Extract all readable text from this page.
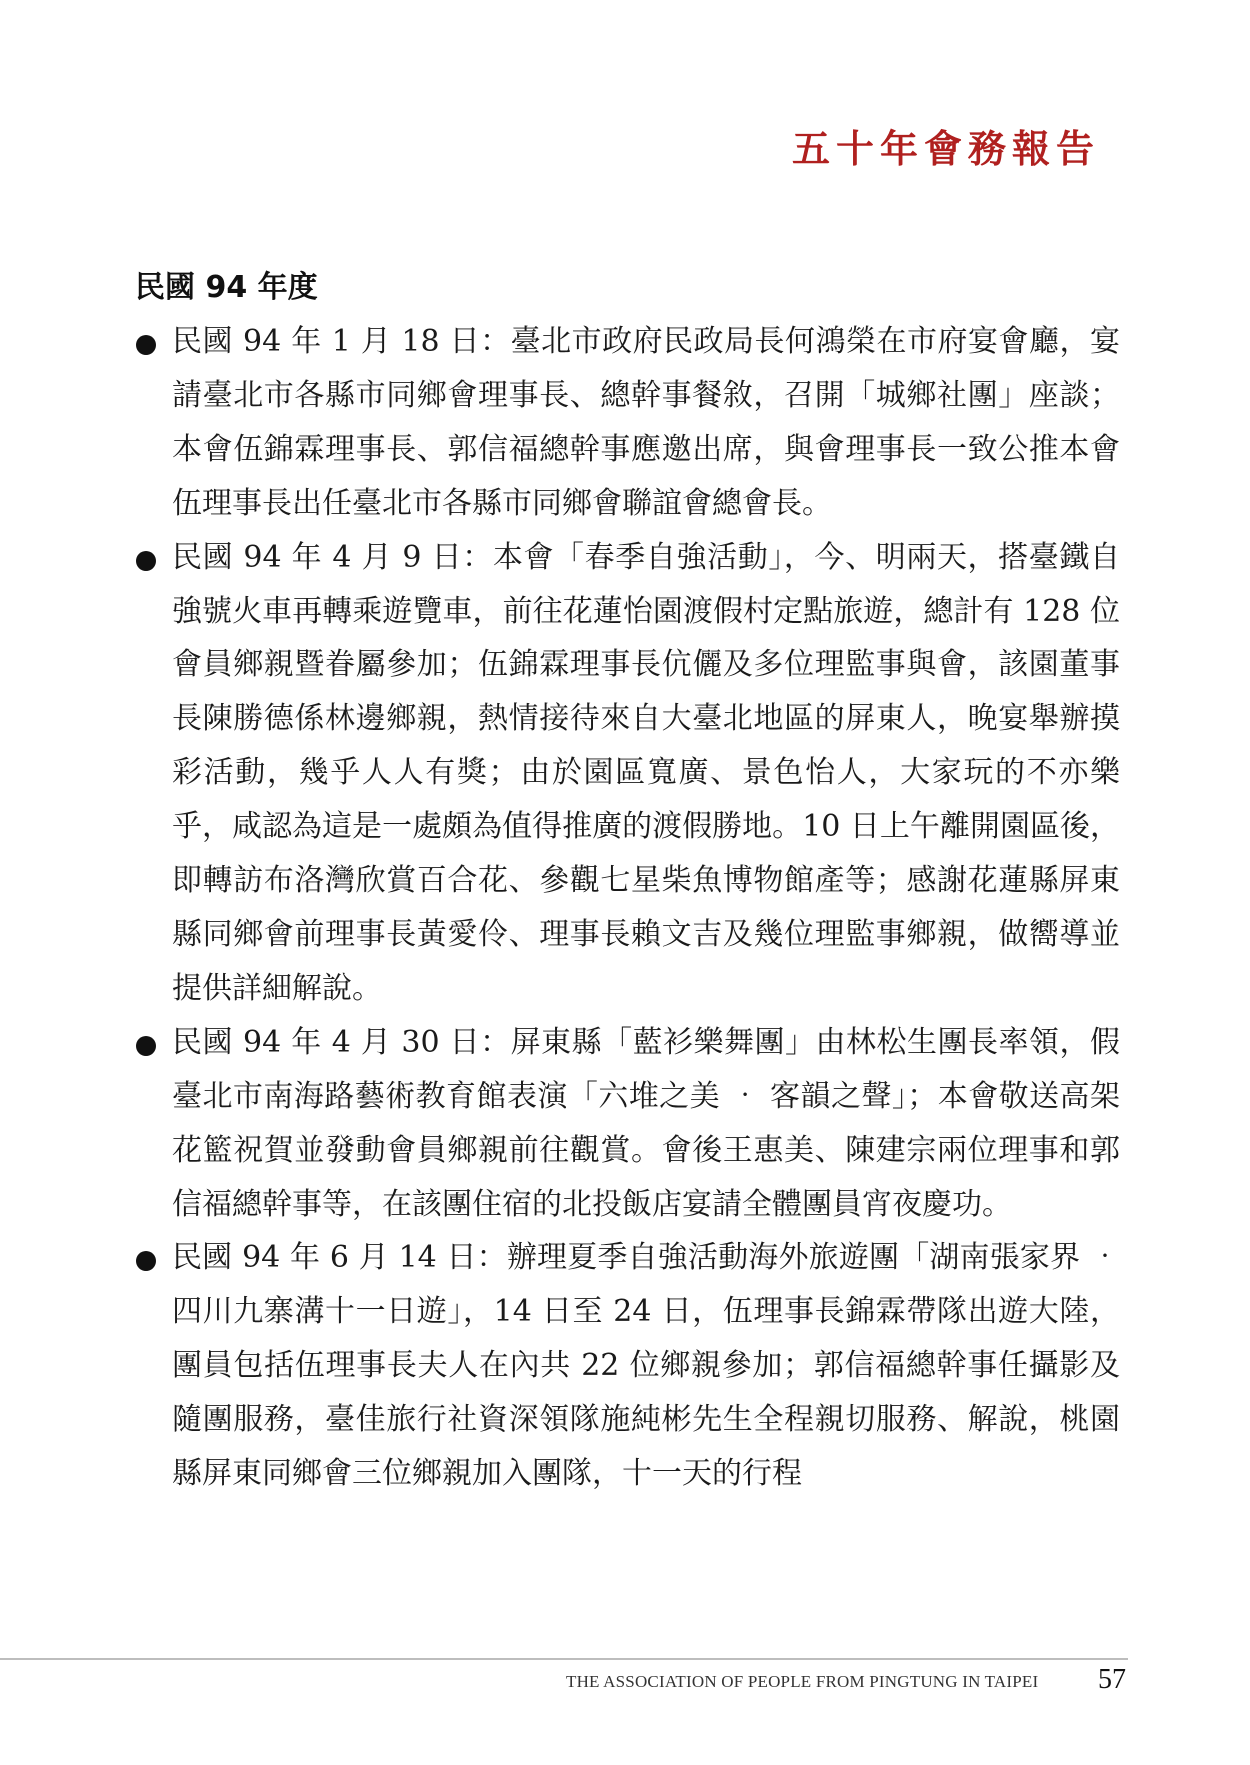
五十年會務報告
民國 94 年度
民國 94 年 1 月 18 日：臺北市政府民政局長何鴻榮在市府宴會廳，宴請臺北市各縣市同鄉會理事長、總幹事餐敘，召開「城鄉社團」座談；本會伍錦霖理事長、郭信福總幹事應邀出席，與會理事長一致公推本會伍理事長出任臺北市各縣市同鄉會聯誼會總會長。
民國 94 年 4 月 9 日：本會「春季自強活動」，今、明兩天，搭臺鐵自強號火車再轉乘遊覽車，前往花蓮怡園渡假村定點旅遊，總計有 128 位會員鄉親暨眷屬參加；伍錦霖理事長伉儷及多位理監事與會，該園董事長陳勝德係林邊鄉親，熱情接待來自大臺北地區的屏東人，晚宴舉辦摸彩活動，幾乎人人有獎；由於園區寬廣、景色怡人，大家玩的不亦樂乎，咸認為這是一處頗為值得推廣的渡假勝地。10 日上午離開園區後，即轉訪布洛灣欣賞百合花、參觀七星柴魚博物館產等；感謝花蓮縣屏東縣同鄉會前理事長黃愛伶、理事長賴文吉及幾位理監事鄉親，做嚮導並提供詳細解說。
民國 94 年 4 月 30 日：屏東縣「藍衫樂舞團」由林松生團長率領，假臺北市南海路藝術教育館表演「六堆之美 ‧ 客韻之聲」；本會敬送高架花籃祝賀並發動會員鄉親前往觀賞。會後王惠美、陳建宗兩位理事和郭信福總幹事等，在該團住宿的北投飯店宴請全體團員宵夜慶功。
民國 94 年 6 月 14 日：辦理夏季自強活動海外旅遊團「湖南張家界 ‧ 四川九寨溝十一日遊」，14 日至 24 日，伍理事長錦霖帶隊出遊大陸，團員包括伍理事長夫人在內共 22 位鄉親參加；郭信福總幹事任攝影及隨團服務，臺佳旅行社資深領隊施純彬先生全程親切服務、解說，桃園縣屏東同鄉會三位鄉親加入團隊，十一天的行程
THE ASSOCIATION OF PEOPLE FROM PINGTUNG IN TAIPEI 57
